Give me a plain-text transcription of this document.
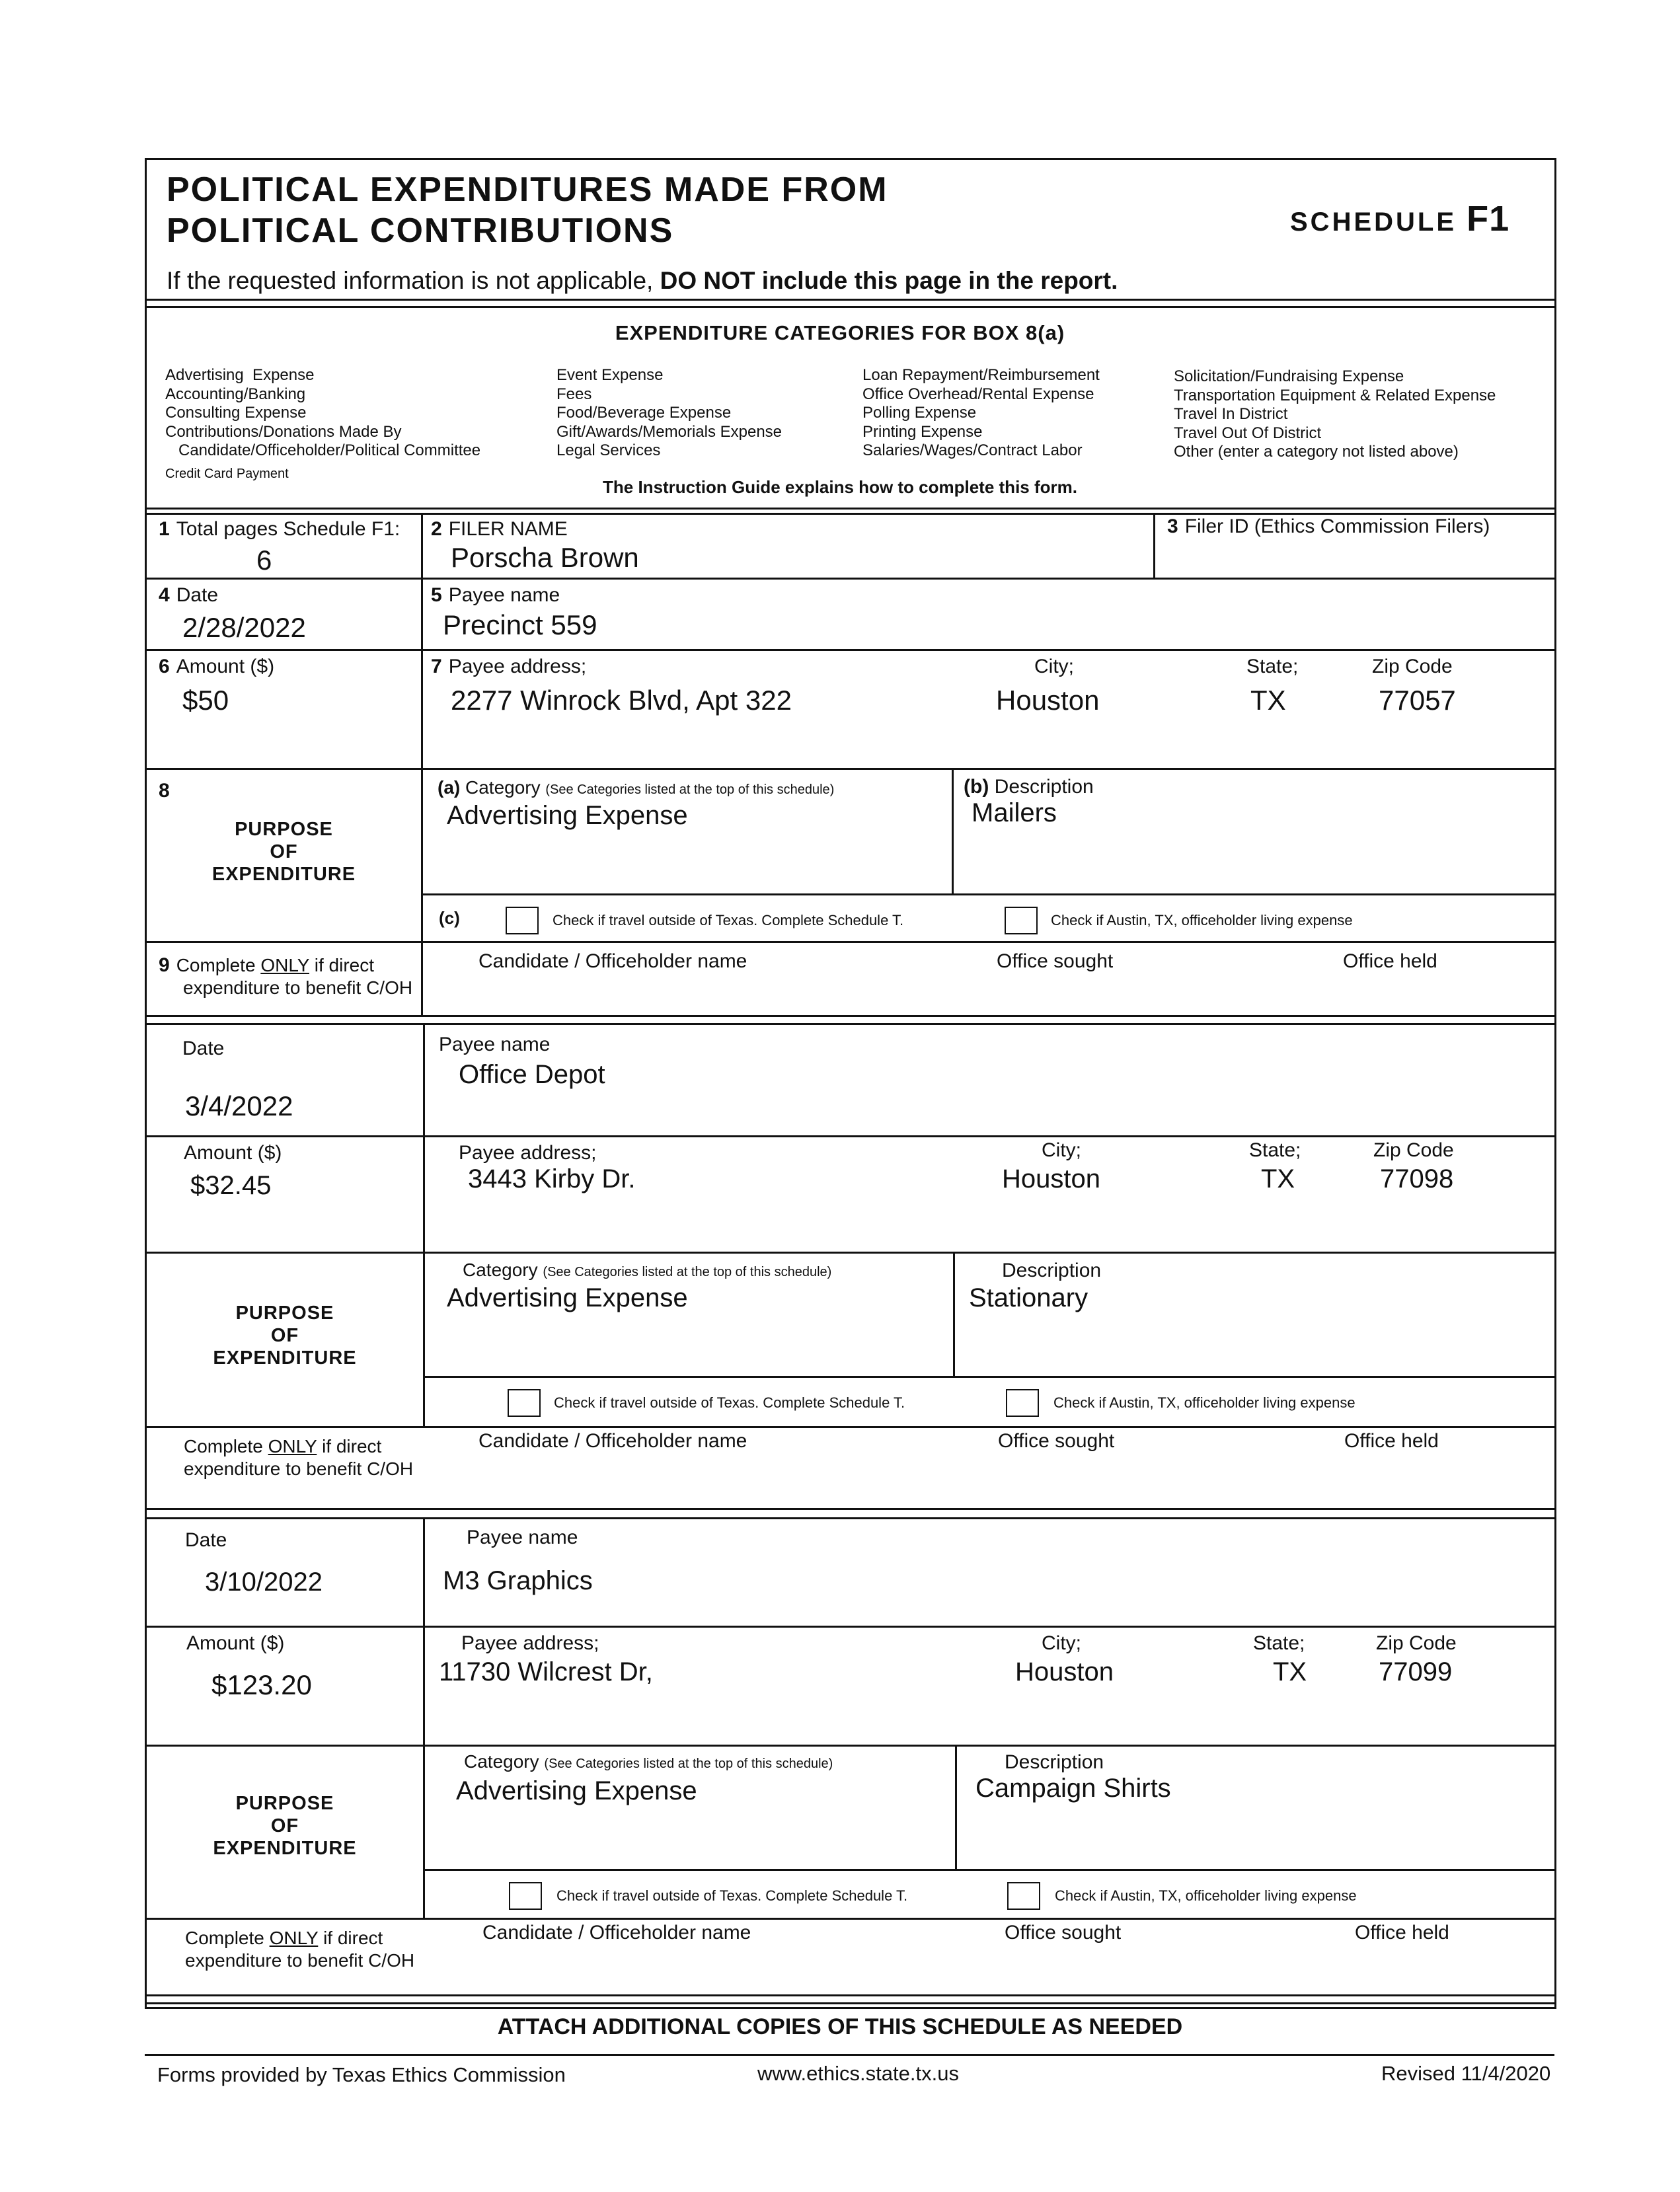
POLITICAL EXPENDITURES MADE FROM
POLITICAL CONTRIBUTIONS	SCHEDULE F1
If the requested information is not applicable, DO NOT include this page in the report.
EXPENDITURE CATEGORIES FOR BOX 8(a)
Advertising  Expense
Accounting/Banking
Consulting Expense
Contributions/Donations Made By
Candidate/Officeholder/Political Committee
Credit Card Payment
Event Expense
Fees
Food/Beverage Expense
Gift/Awards/Memorials Expense
Legal Services
Loan Repayment/Reimbursement
Office Overhead/Rental Expense
Polling Expense
Printing Expense
Salaries/Wages/Contract Labor
Solicitation/Fundraising Expense
Transportation Equipment & Related Expense
Travel In District
Travel Out Of District
Other (enter a category not listed above)
The Instruction Guide explains how to complete this form.
1 Total pages Schedule F1:
6
2 FILER NAME
Porscha Brown
3 Filer ID (Ethics Commission Filers)
4 Date
2/28/2022
5 Payee name
Precinct 559
6 Amount ($)
$50
7 Payee address;	City;	State;	Zip Code
2277 Winrock Blvd, Apt 322	Houston	TX	77057
8
PURPOSE
OF
EXPENDITURE
(a) Category (See Categories listed at the top of this schedule)
Advertising Expense
(b) Description
Mailers
(c)	Check if travel outside of Texas. Complete Schedule T.	Check if Austin, TX, officeholder living expense
9 Complete ONLY if direct
expenditure to benefit C/OH
Candidate / Officeholder name	Office sought	Office held
Date
3/4/2022
Payee name
Office Depot
Amount ($)
$32.45
Payee address;	City;	State;	Zip Code
3443 Kirby Dr.	Houston	TX	77098
PURPOSE
OF
EXPENDITURE
Category (See Categories listed at the top of this schedule)
Advertising Expense
Description
Stationary
Check if travel outside of Texas. Complete Schedule T.	Check if Austin, TX, officeholder living expense
Complete ONLY if direct
expenditure to benefit C/OH
Candidate / Officeholder name	Office sought	Office held
Date
3/10/2022
Payee name
M3 Graphics
Amount ($)
$123.20
Payee address;	City;	State;	Zip Code
11730 Wilcrest Dr,	Houston	TX	77099
PURPOSE
OF
EXPENDITURE
Category (See Categories listed at the top of this schedule)
Advertising Expense
Description
Campaign Shirts
Check if travel outside of Texas. Complete Schedule T.	Check if Austin, TX, officeholder living expense
Complete ONLY if direct
expenditure to benefit C/OH
Candidate / Officeholder name	Office sought	Office held
ATTACH ADDITIONAL COPIES OF THIS SCHEDULE AS NEEDED
Forms provided by Texas Ethics Commission	www.ethics.state.tx.us	Revised 11/4/2020
